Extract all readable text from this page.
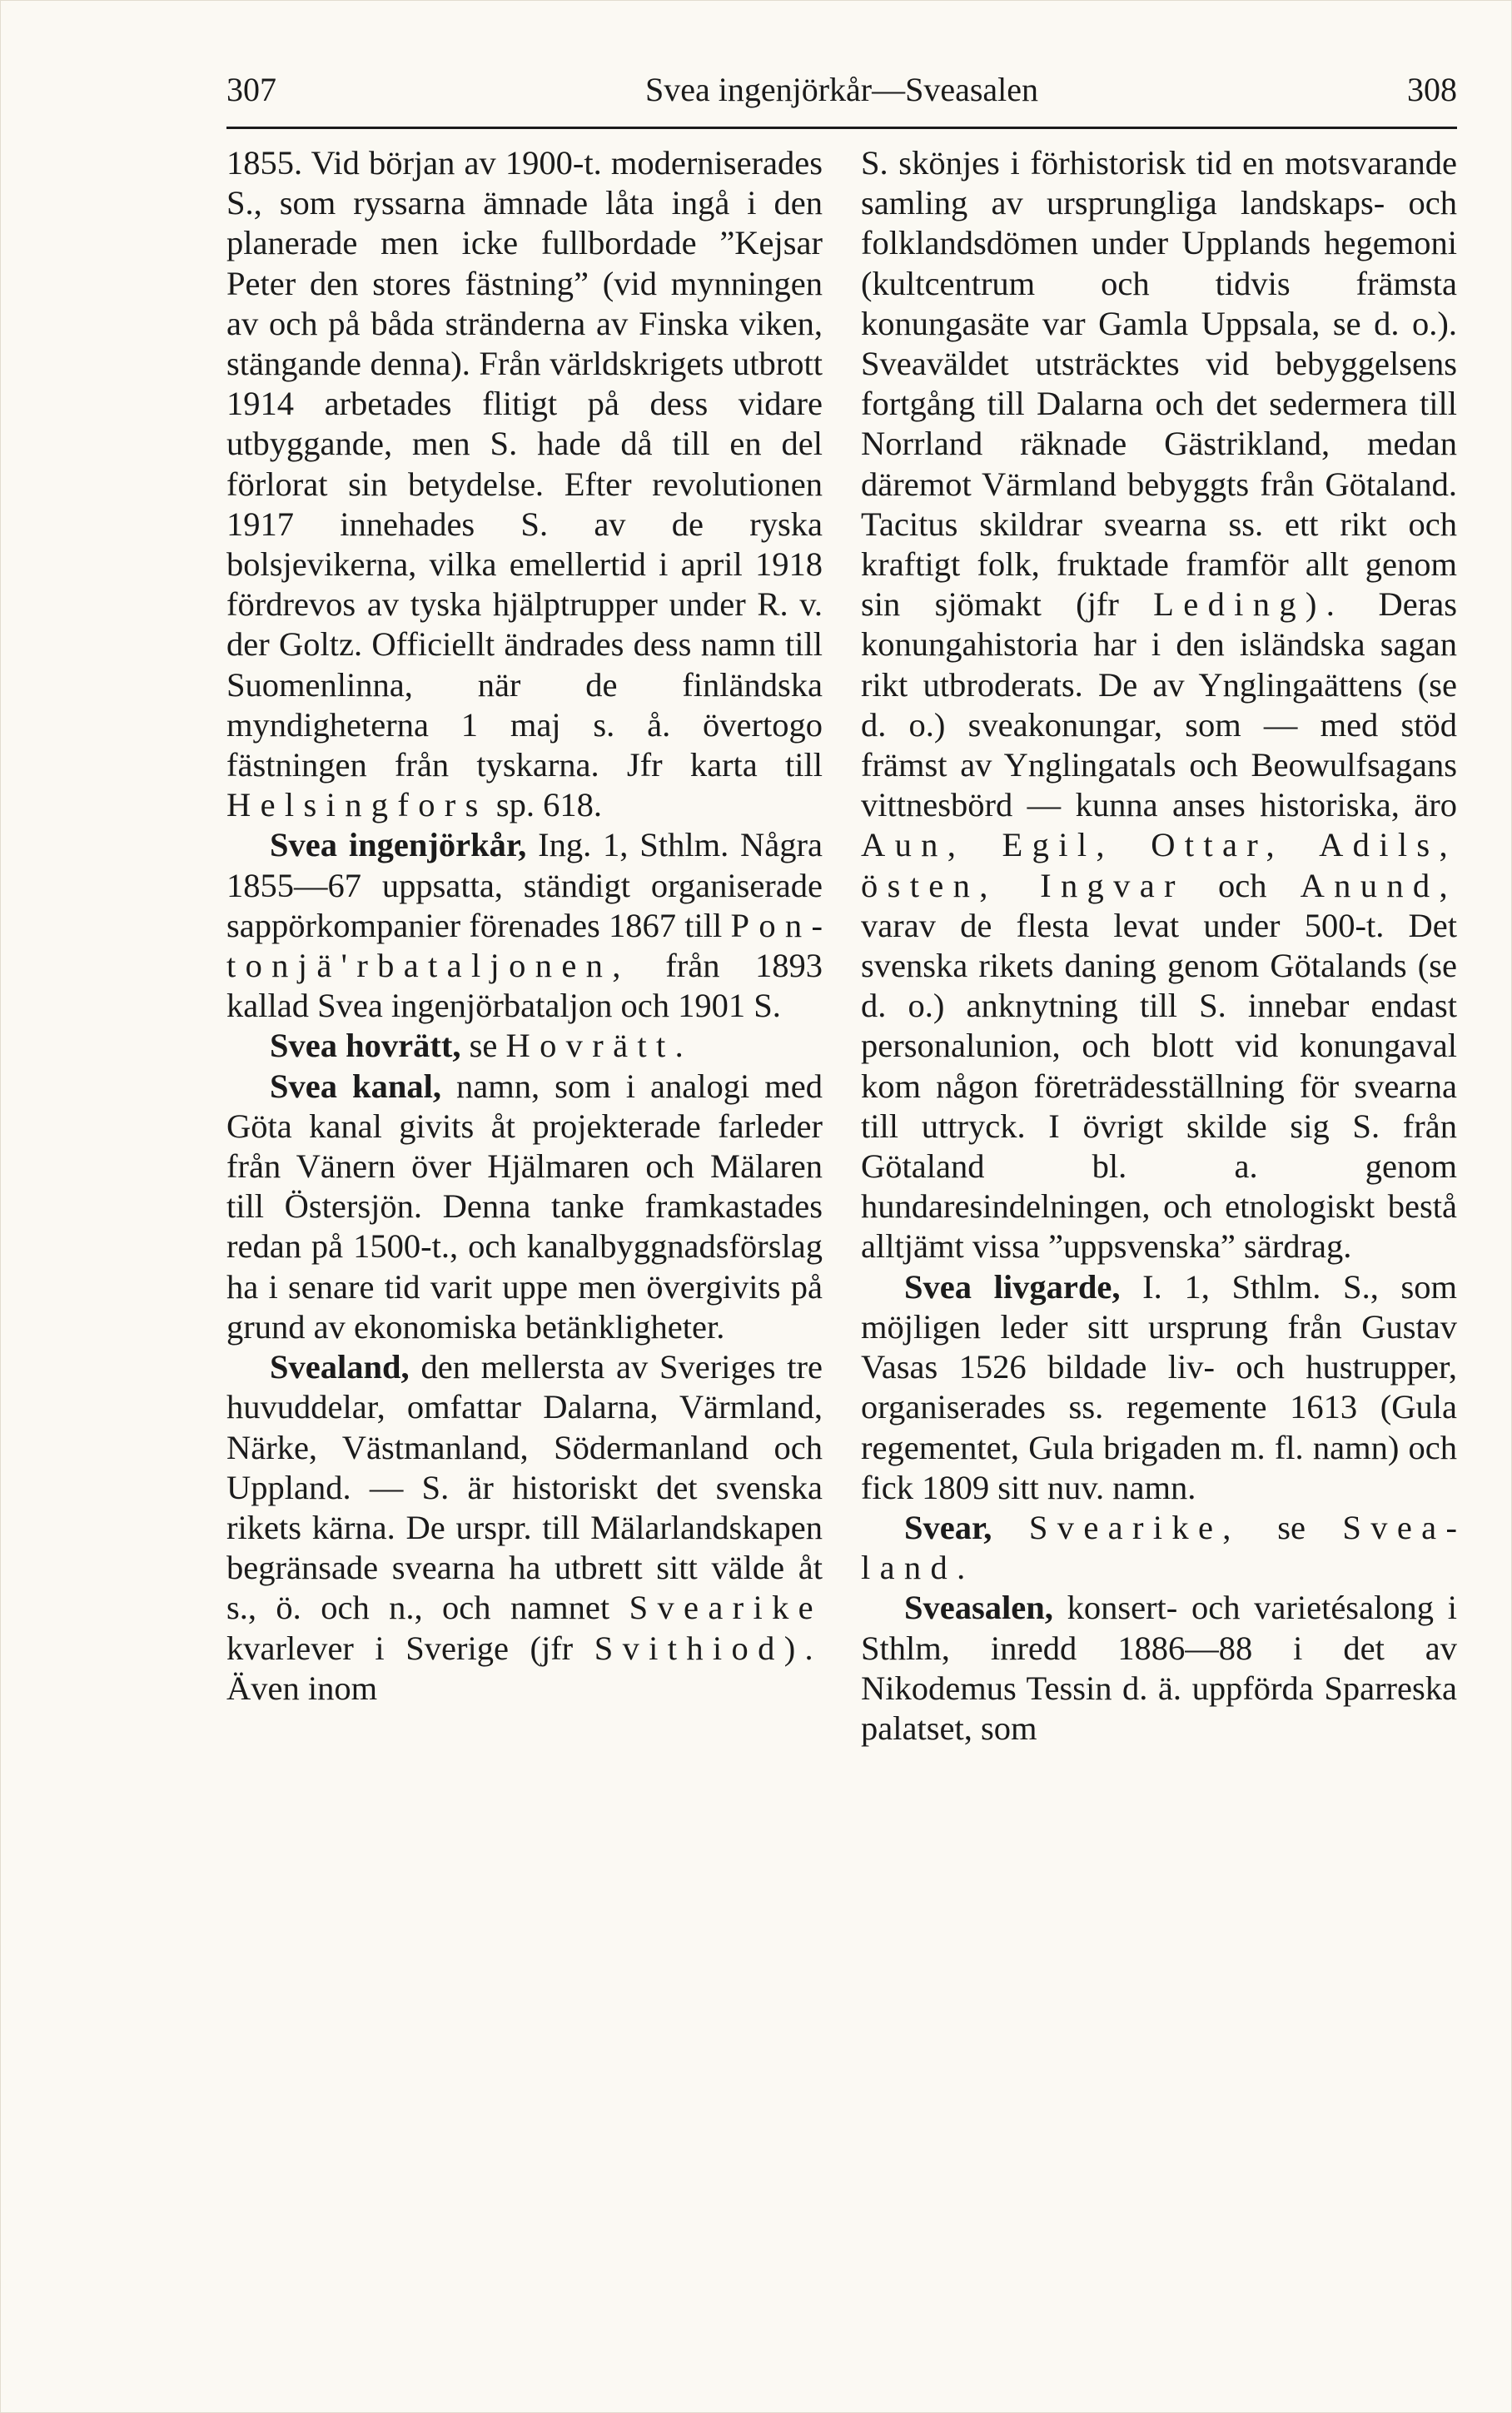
307	Svea ingenjörkår—Sveasalen	308

1855. Vid början av 1900-t. moderniserades S., som ryssarna ämnade låta ingå i den planerade men icke fullbordade ”Kejsar Peter den stores fästning” (vid mynningen av och på båda stränderna av Finska viken, stängande denna). Från världskrigets utbrott 1914 arbetades flitigt på dess vidare utbyggande, men S. hade då till en del förlorat sin betydelse. Efter revolutionen 1917 innehades S. av de ryska bolsjevikerna, vilka emellertid i april 1918 fördrevos av tyska hjälptrupper under R. v. der Goltz. Officiellt ändrades dess namn till Suomenlinna, när de finländska myndigheterna 1 maj s. å. övertogo fästningen från tyskarna. Jfr karta till Helsingfors sp. 618.

Svea ingenjörkår, Ing. 1, Sthlm. Några 1855—67 uppsatta, ständigt organiserade sappörkompanier förenades 1867 till Pontonjä'rbataljonen, från 1893 kallad Svea ingenjörbataljon och 1901 S.

Svea hovrätt, se Hovrätt.

Svea kanal, namn, som i analogi med Göta kanal givits åt projekterade farleder från Vänern över Hjälmaren och Mälaren till Östersjön. Denna tanke framkastades redan på 1500-t., och kanalbyggnadsförslag ha i senare tid varit uppe men övergivits på grund av ekonomiska betänkligheter.

Svealand, den mellersta av Sveriges tre huvuddelar, omfattar Dalarna, Värmland, Närke, Västmanland, Södermanland och Uppland. — S. är historiskt det svenska rikets kärna. De urspr. till Mälarlandskapen begränsade svearna ha utbrett sitt välde åt s., ö. och n., och namnet Svearike kvarlever i Sverige (jfr Svithiod). Även inom

S. skönjes i förhistorisk tid en motsvarande samling av ursprungliga landskaps- och folklandsdömen under Upplands hegemoni (kultcentrum och tidvis främsta konungasäte var Gamla Uppsala, se d. o.). Sveaväldet utsträcktes vid bebyggelsens fortgång till Dalarna och det sedermera till Norrland räknade Gästrikland, medan däremot Värmland bebyggts från Götaland. Tacitus skildrar svearna ss. ett rikt och kraftigt folk, fruktade framför allt genom sin sjömakt (jfr Leding). Deras konungahistoria har i den isländska sagan rikt utbroderats. De av Ynglingaättens (se d. o.) sveakonungar, som — med stöd främst av Ynglingatals och Beowulfsagans vittnesbörd — kunna anses historiska, äro Aun, Egil, Ottar, Adils, östen, Ingvar och Anund, varav de flesta levat under 500-t. Det svenska rikets daning genom Götalands (se d. o.) anknytning till S. innebar endast personalunion, och blott vid konungaval kom någon företrädesställning för svearna till uttryck. I övrigt skilde sig S. från Götaland bl. a. genom hundaresindelningen, och etnologiskt bestå alltjämt vissa ”uppsvenska” särdrag.

Svea livgarde, I. 1, Sthlm. S., som möjligen leder sitt ursprung från Gustav Vasas 1526 bildade liv- och hustrupper, organiserades ss. regemente 1613 (Gula regementet, Gula brigaden m. fl. namn) och fick 1809 sitt nuv. namn.

Svear, Svearike, se Svealand.

Sveasalen, konsert- och varietésalong i Sthlm, inredd 1886—88 i det av Nikodemus Tessin d. ä. uppförda Sparreska palatset, som
